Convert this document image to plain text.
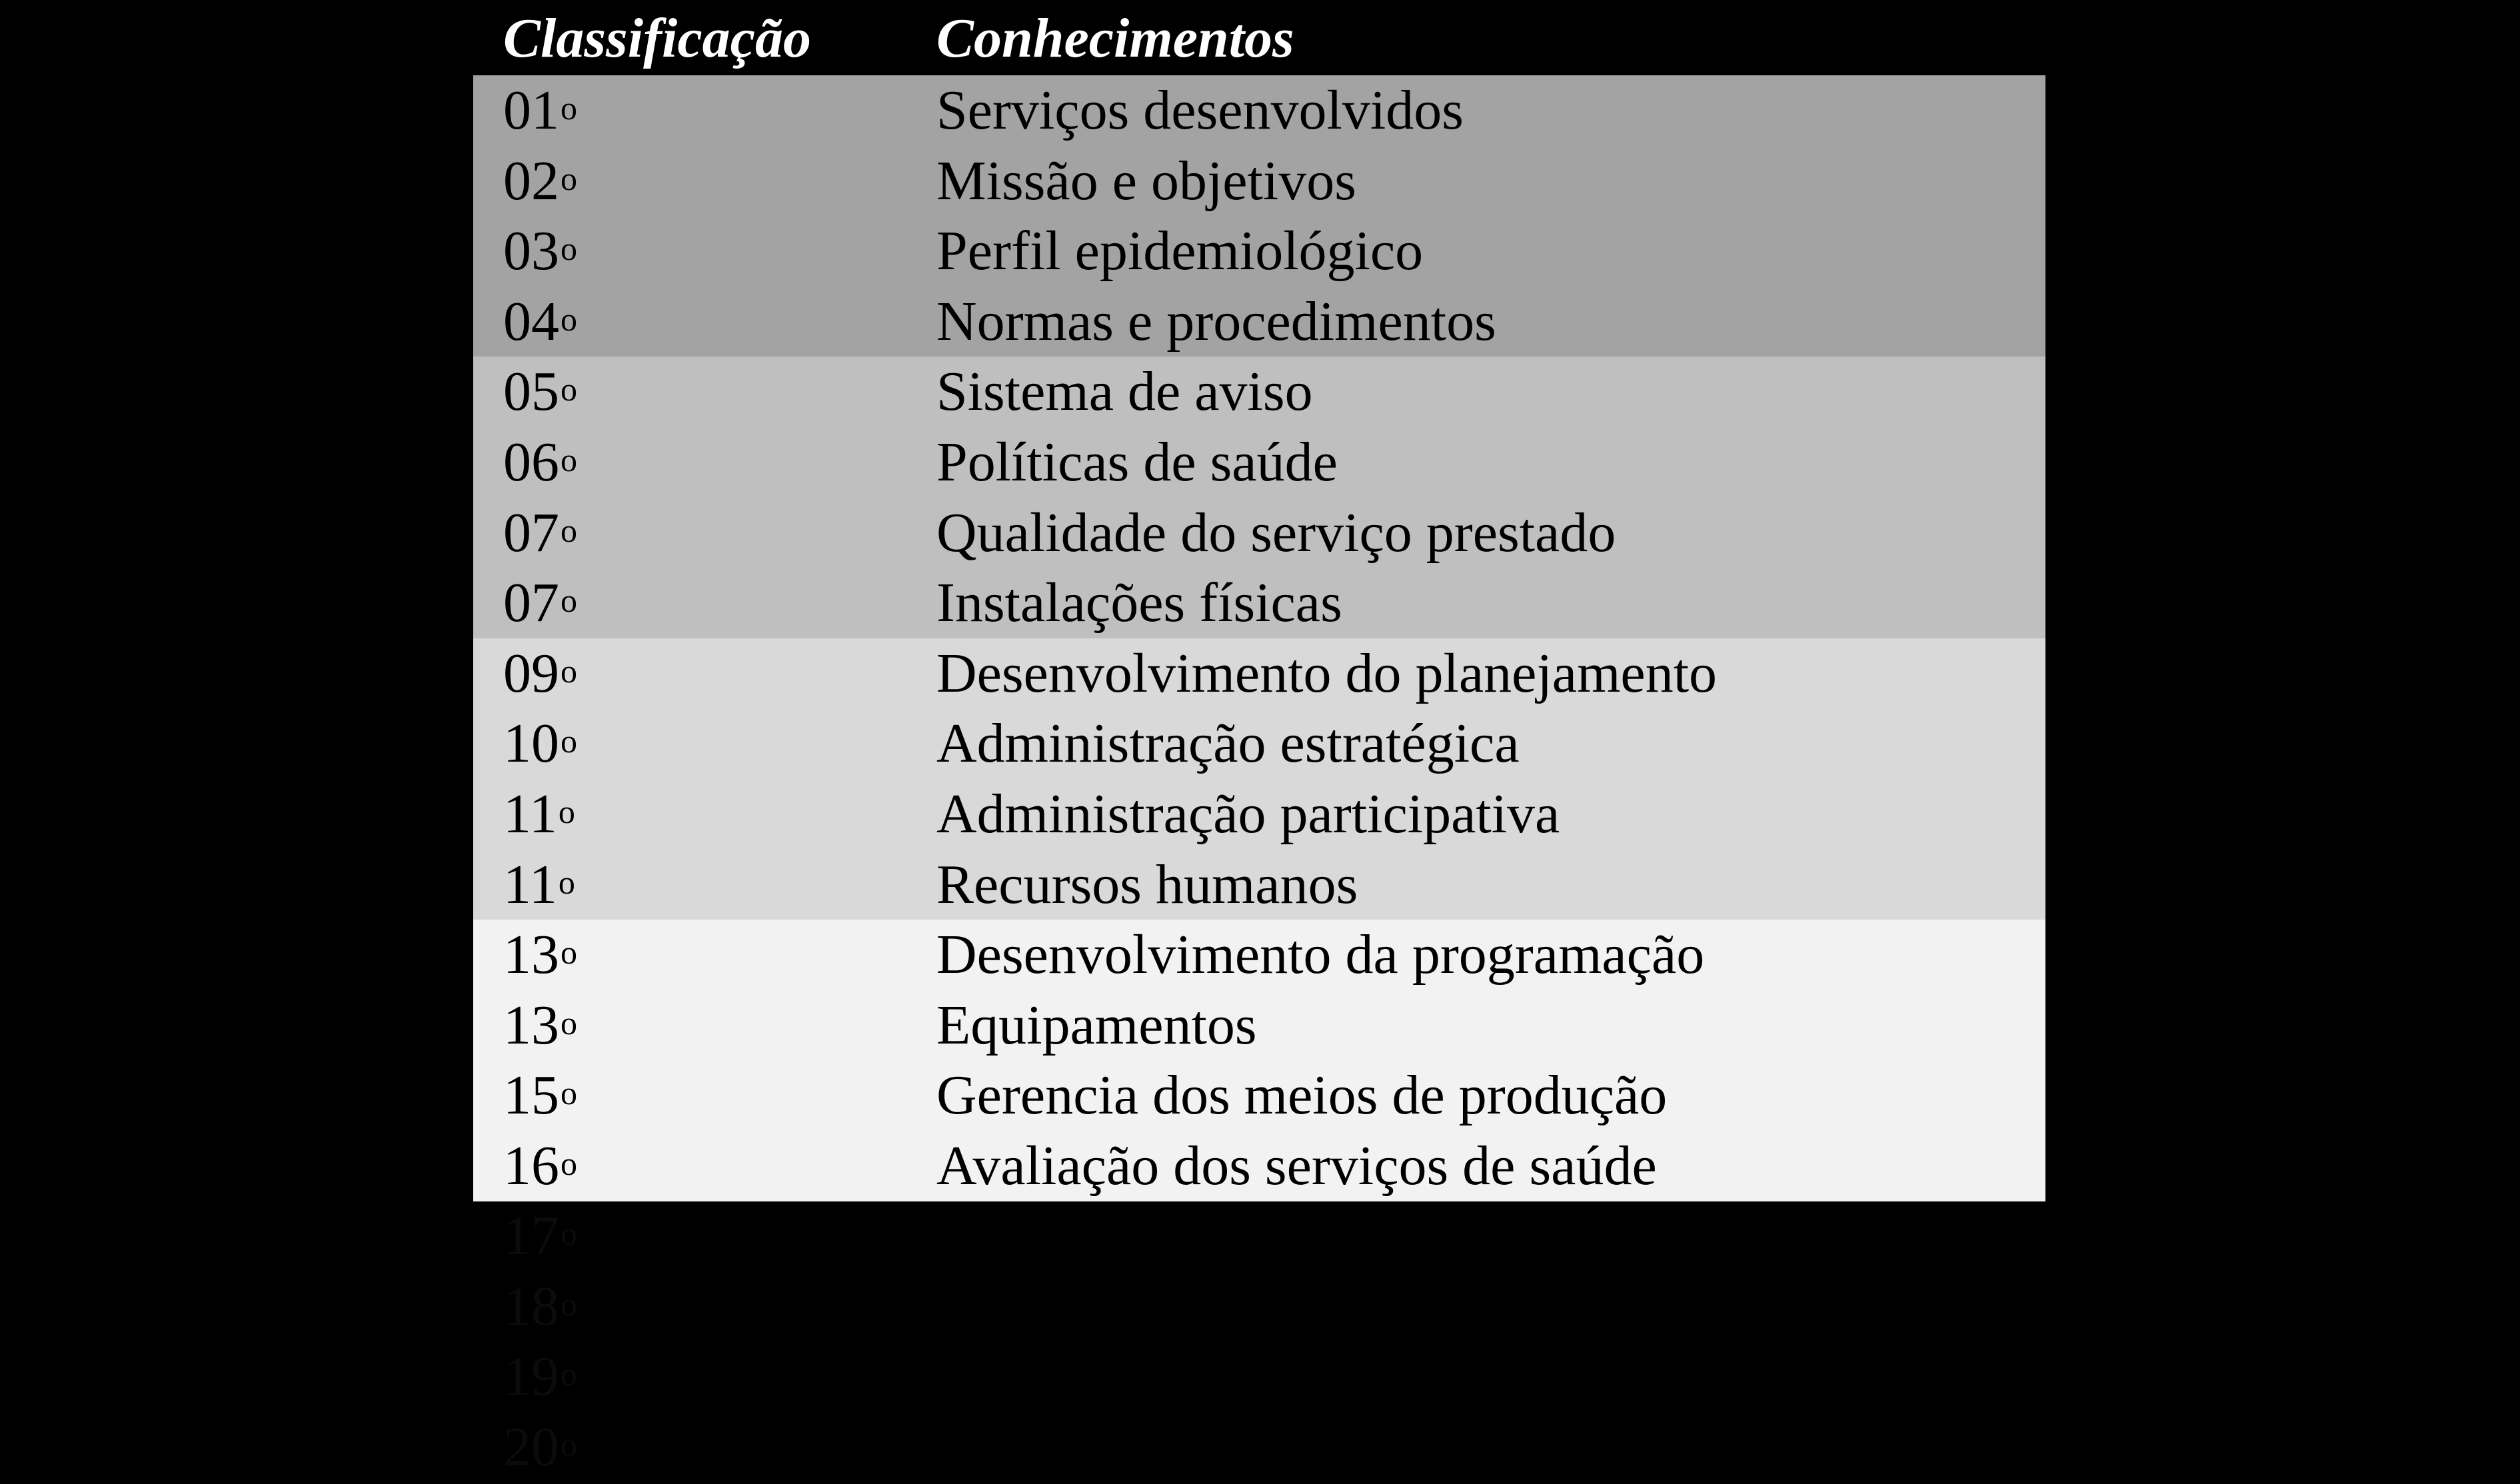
Classificação Conhecimentos
01$^o$	Serviços desenvolvidos
02$^o$	Missão e objetivos
03$^o$	Perfil epidemiológico
04$^o$	Normas e procedimentos
05$^o$	Sistema de aviso
06$^o$	Políticas de saúde
07$^o$	Qualidade do serviço prestado
07$^o$	Instalações físicas
09$^o$	Desenvolvimento do planejamento
10$^o$	Administração estratégica
11$^o$	Administração participativa
11$^o$	Recursos humanos
13$^o$	Desenvolvimento da programação
13$^o$	Equipamentos
15$^o$	Gerencia dos meios de produção
16$^o$	Avaliação dos serviços de saúde
17$^o$
18$^o$
19$^o$
20$^o$
